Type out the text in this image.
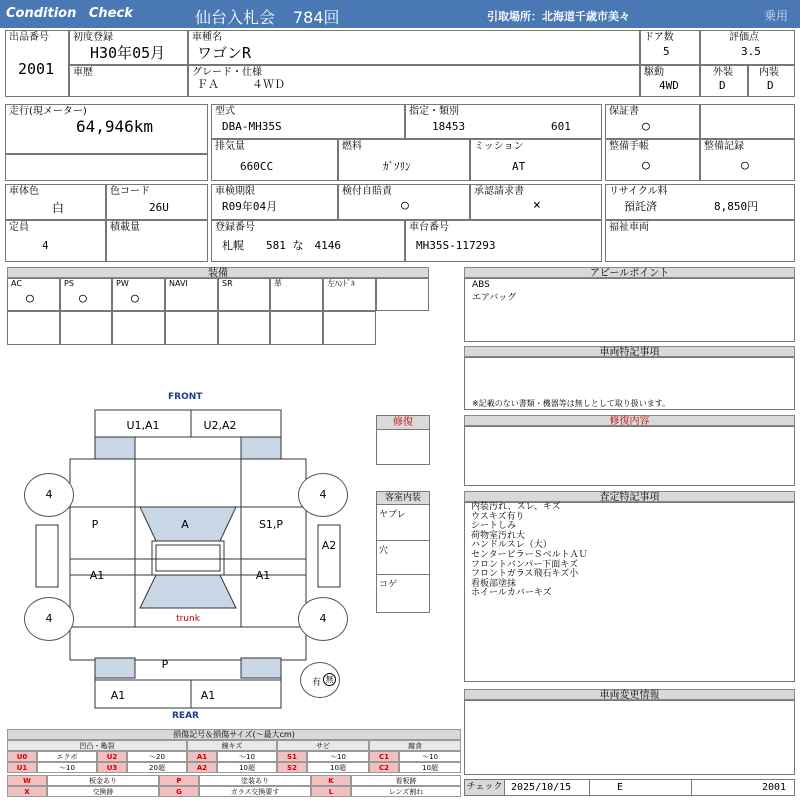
Condition Check	仙台入札会 784回	引取場所：北海道千歳市美々	乗用
出品番号
2001
初度登録
H30年05月
車歴
車種名
ワゴンR
グレード・仕様
ＦＡ　　　４ＷＤ
ドア数
5
評価点
3.5
駆動
4WD
外装
D
内装
D
走行(現メーター)
64,946km
型式
DBA-MH35S
指定・類別
18453	601
排気量
660CC
燃料
ｶﾞｿﾘﾝ
ミッション
AT
保証書
○
整備手帳
○
整備記録
○
車体色
白
色コード
26U
定員
4
積載量
車検期限
R09年04月
検付自賠責
○
承認請求書
×
登録番号
札幌　　581 な　4146
車台番号
MH35S-117293
リサイクル料
預託済	8,850円
福祉車両
装備
AC
○
PS
○
PW
○
NAVI	SR	革	左ﾊﾝﾄﾞﾙ
アピールポイント
ABS
エアバッグ
車両特記事項
※記載のない書類・機器等は無しとして取り扱います。
修復内容
査定特記事項
内装汚れ、スレ、キズ
ウスキズ有り
シートしみ
荷物室汚れ大
ハンドルスレ（大）
センターピラーＳベルトＡＵ
フロントバンパー下面キズ
フロントガラス飛石キズ小
看板部塗抹
ホイールカバーキズ
車両変更情報
チェック 2025/10/15	E	2001
修復
客室内装
ヤブレ
穴
コゲ
FRONT
REAR
U1,A1	U2,A2
P	A	S1,P
A2
A1	A1
trunk
P
A1	A1
4	4
4	4
有 無
損傷記号＆損傷サイズ(〜最大cm)
凹凸・亀裂	線キズ	サビ	腐食
U0	エクボ	U2	〜20	A1	〜10	S1	〜10	C1	〜10
U1	〜10	U3	20超	A2	10超	S2	10超	C2	10超
W	板金あり	P	塗装あり	K	看板跡
X	交換跡	G	ガラス交換要す	L	レンズ割れ
